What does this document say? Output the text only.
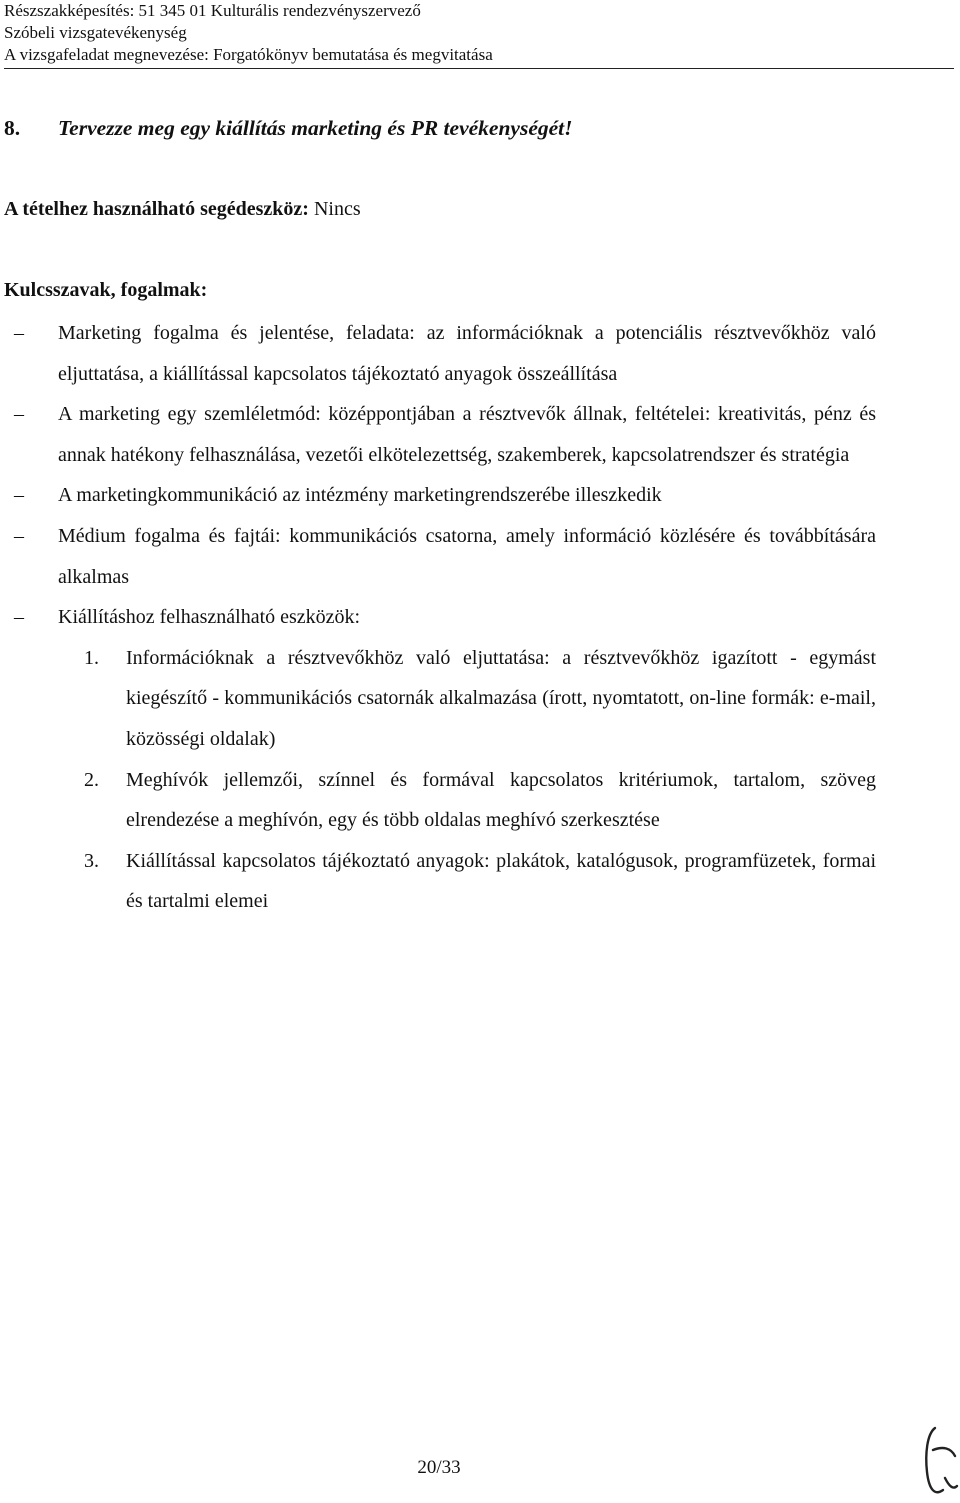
Részszakképesítés: 51 345 01 Kulturális rendezvényszervező
Szóbeli vizsgatevékenység
A vizsgafeladat megnevezése: Forgatókönyv bemutatása és megvitatása
8. Tervezze meg egy kiállítás marketing és PR tevékenységét!
A tételhez használható segédeszköz: Nincs
Kulcsszavak, fogalmak:
– Marketing fogalma és jelentése, feladata: az információknak a potenciális résztvevőkhöz való eljuttatása, a kiállítással kapcsolatos tájékoztató anyagok összeállítása
– A marketing egy szemléletmód: középpontjában a résztvevők állnak, feltételei: kreativitás, pénz és annak hatékony felhasználása, vezetői elkötelezettség, szakemberek, kapcsolatrendszer és stratégia
– A marketingkommunikáció az intézmény marketingrendszerébe illeszkedik
– Médium fogalma és fajtái: kommunikációs csatorna, amely információ közlésére és továbbítására alkalmas
– Kiállításhoz felhasználható eszközök:
1. Információknak a résztvevőkhöz való eljuttatása: a résztvevőkhöz igazított - egymást kiegészítő - kommunikációs csatornák alkalmazása (írott, nyomtatott, on-line formák: e-mail, közösségi oldalak)
2. Meghívók jellemzői, színnel és formával kapcsolatos kritériumok, tartalom, szöveg elrendezése a meghívón, egy és több oldalas meghívó szerkesztése
3. Kiállítással kapcsolatos tájékoztató anyagok: plakátok, katalógusok, programfüzetek, formai és tartalmi elemei
20/33
